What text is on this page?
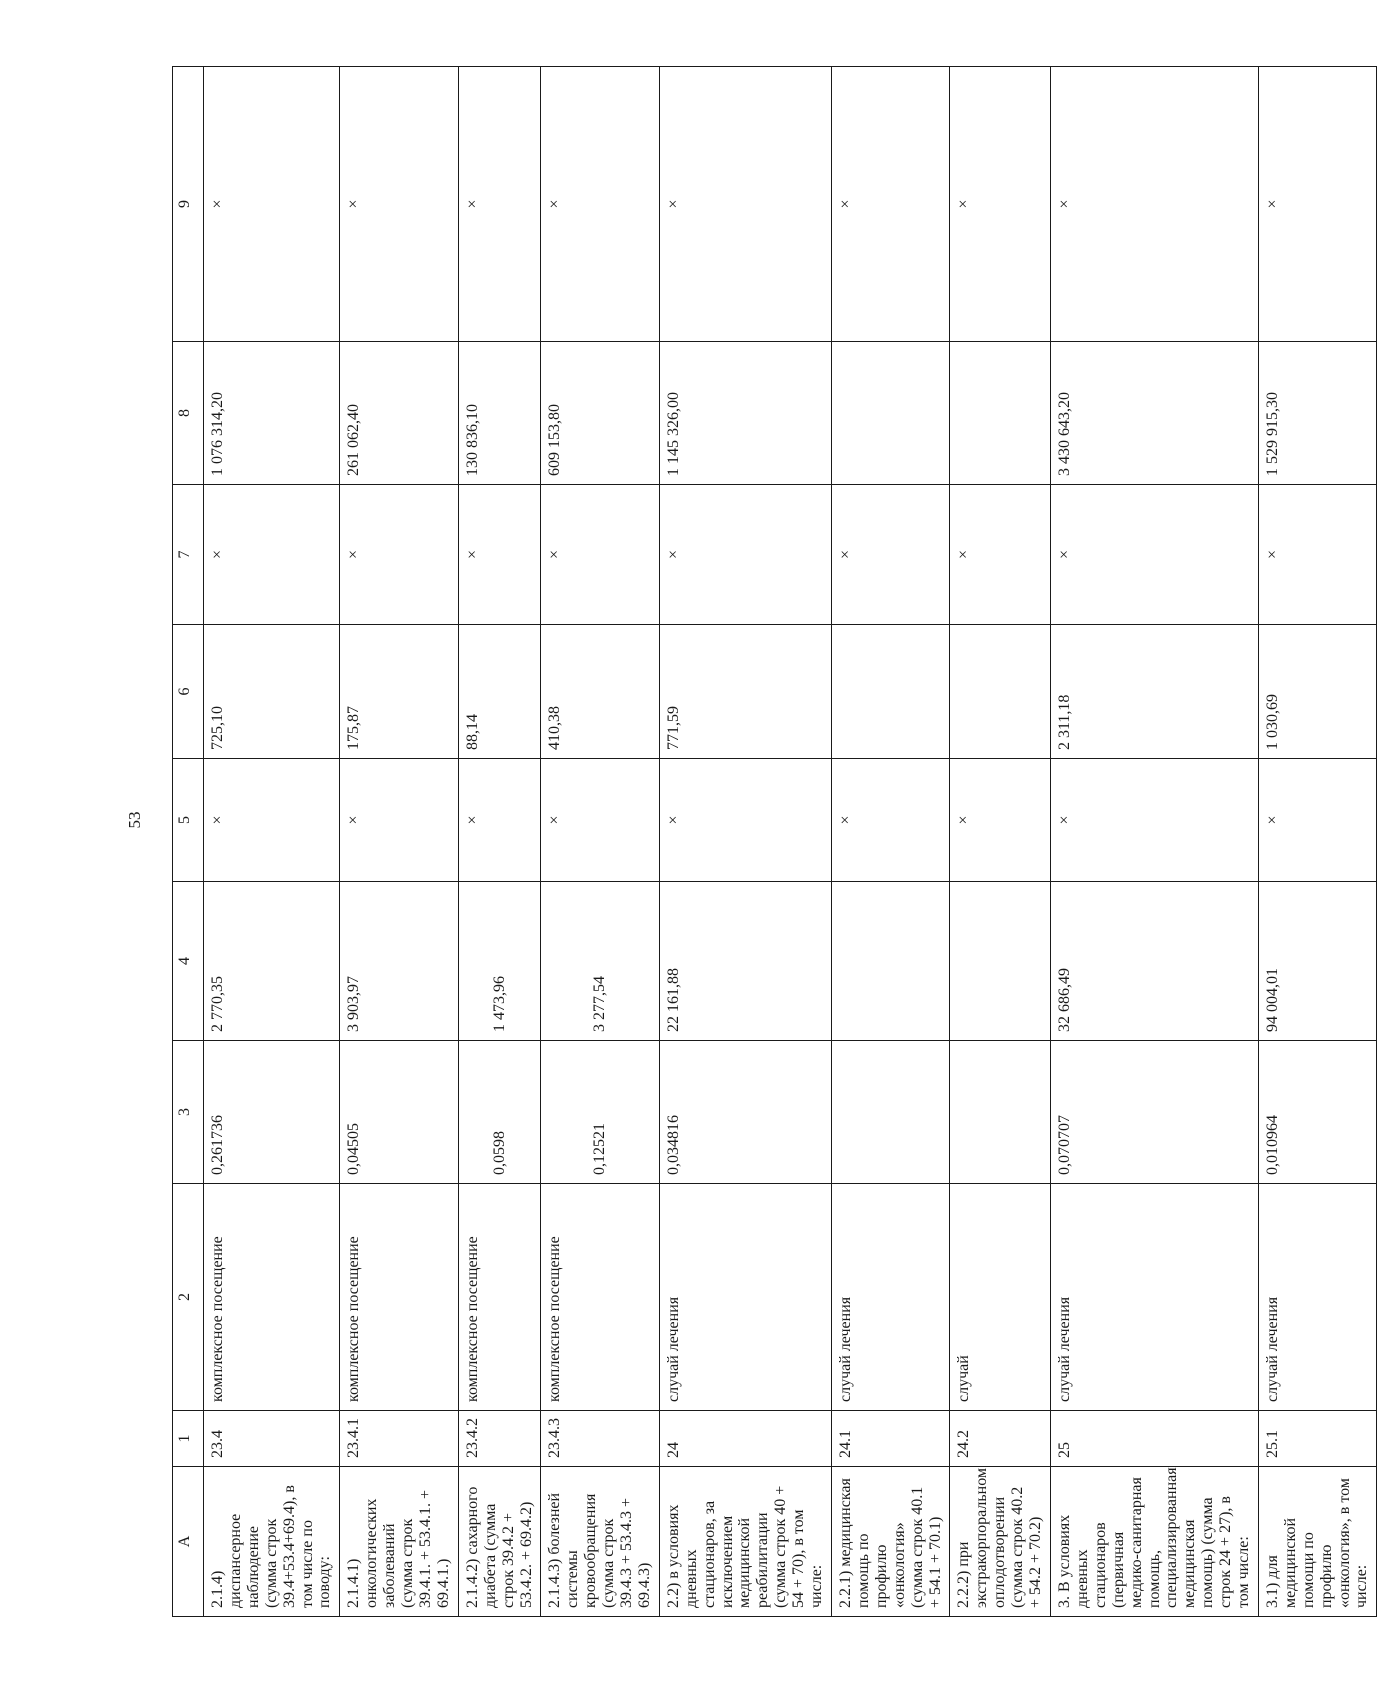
53
A	1	2	3	4	5	6	7	8	9
2.1.4) диспансерное наблюдение (сумма строк 39.4+53.4+69.4), в том числе по поводу:	23.4	комплексное посещение	0,261736	2 770,35	×	725,10	×	1 076 314,20	×
2.1.4.1) онкологических заболеваний (сумма строк 39.4.1. + 53.4.1. + 69.4.1.)	23.4.1	комплексное посещение	0,04505	3 903,97	×	175,87	×	261 062,40	×
2.1.4.2) сахарного диабета (сумма строк 39.4.2 + 53.4.2. + 69.4.2)	23.4.2	комплексное посещение	0,0598	1 473,96	×	88,14	×	130 836,10	×
2.1.4.3) болезней системы кровообращения (сумма строк 39.4.3 + 53.4.3 + 69.4.3)	23.4.3	комплексное посещение	0,12521	3 277,54	×	410,38	×	609 153,80	×
2.2) в условиях дневных стационаров, за исключением медицинской реабилитации (сумма строк 40 + 54 + 70), в том числе:	24	случай лечения	0,034816	22 161,88	×	771,59	×	1 145 326,00	×
2.2.1) медицинская помощь по профилю «онкология» (сумма строк 40.1 + 54.1 + 70.1)	24.1	случай лечения			×		×		×
2.2.2) при экстракорпоральном оплодотворении (сумма строк 40.2 + 54.2 + 70.2)	24.2	случай			×		×		×
3. В условиях дневных стационаров (первичная медико-санитарная помощь, специализированная медицинская помощь) (сумма строк 24 + 27), в том числе:	25	случай лечения	0,070707	32 686,49	×	2 311,18	×	3 430 643,20	×
3.1) для медицинской помощи по профилю «онкология», в том числе:	25.1	случай лечения	0,010964	94 004,01	×	1 030,69	×	1 529 915,30	×
